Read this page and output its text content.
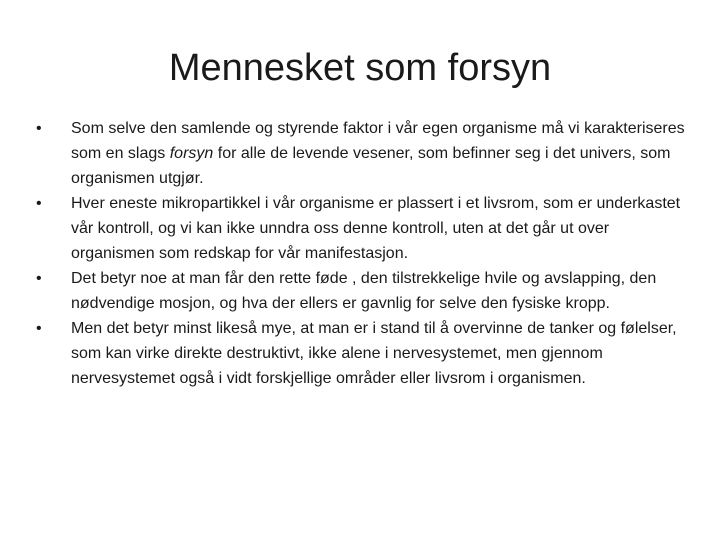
Mennesket som forsyn
•	Som selve den samlende og styrende faktor i vår egen organisme må vi karakteriseres som en slags forsyn for alle de levende vesener, som befinner seg i det univers, som organismen utgjør.
•	Hver eneste mikropartikkel i vår organisme er plassert i et livsrom, som er underkastet vår kontroll, og vi kan ikke unndra oss denne kontroll, uten at det går ut over organismen som redskap for vår manifestasjon.
•	Det betyr noe at man får den rette føde , den tilstrekkelige hvile og avslapping, den nødvendige mosjon, og hva der ellers er gavnlig for selve den fysiske kropp.
•	Men det betyr minst likeså mye, at man er i stand til å overvinne de tanker og følelser, som kan virke direkte destruktivt, ikke alene i nervesystemet, men gjennom nervesystemet også i vidt forskjellige områder eller livsrom i organismen.
